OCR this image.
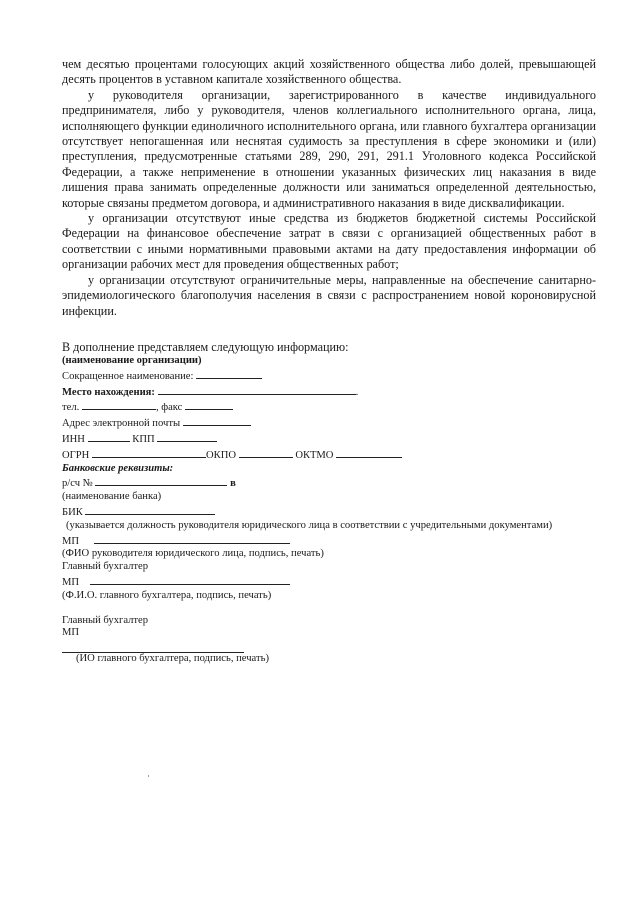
чем десятью процентами голосующих акций хозяйственного общества либо долей, превышающей десять процентов в уставном капитале хозяйственного общества.

у руководителя организации, зарегистрированного в качестве индивидуального предпринимателя, либо у руководителя, членов коллегиального исполнительного органа, лица, исполняющего функции единоличного исполнительного органа, или главного бухгалтера организации отсутствует непогашенная или неснятая судимость за преступления в сфере экономики и (или) преступления, предусмотренные статьями 289, 290, 291, 291.1 Уголовного кодекса Российской Федерации, а также неприменение в отношении указанных физических лиц наказания в виде лишения права занимать определенные должности или заниматься определенной деятельностью, которые связаны предметом договора, и административного наказания в виде дисквалификации.

у организации отсутствуют иные средства из бюджетов бюджетной системы Российской Федерации на финансовое обеспечение затрат в связи с организацией общественных работ в соответствии с иными нормативными правовыми актами на дату предоставления информации об организации рабочих мест для проведения общественных работ;

у организации отсутствуют ограничительные меры, направленные на обеспечение санитарно-эпидемиологического благополучия населения в связи с распространением новой короновирусной инфекции.

В дополнение представляем следующую информацию:
(наименование организации)
Сокращенное наименование:
Место нахождения:	.
тел.	, факс
Адрес электронной почты
ИНН	КПП
ОГРН	ОКПО	ОКТМО
Банковские реквизиты:
р/сч №	в
(наименование банка)
БИК
(указывается должность руководителя юридического лица в соответствии с учредительными документами)
МП
(ФИО руководителя юридического лица, подпись, печать)
Главный бухгалтер
МП
(Ф.И.О. главного бухгалтера, подпись, печать)
Главный бухгалтер
МП
(ИО главного бухгалтера, подпись, печать)
